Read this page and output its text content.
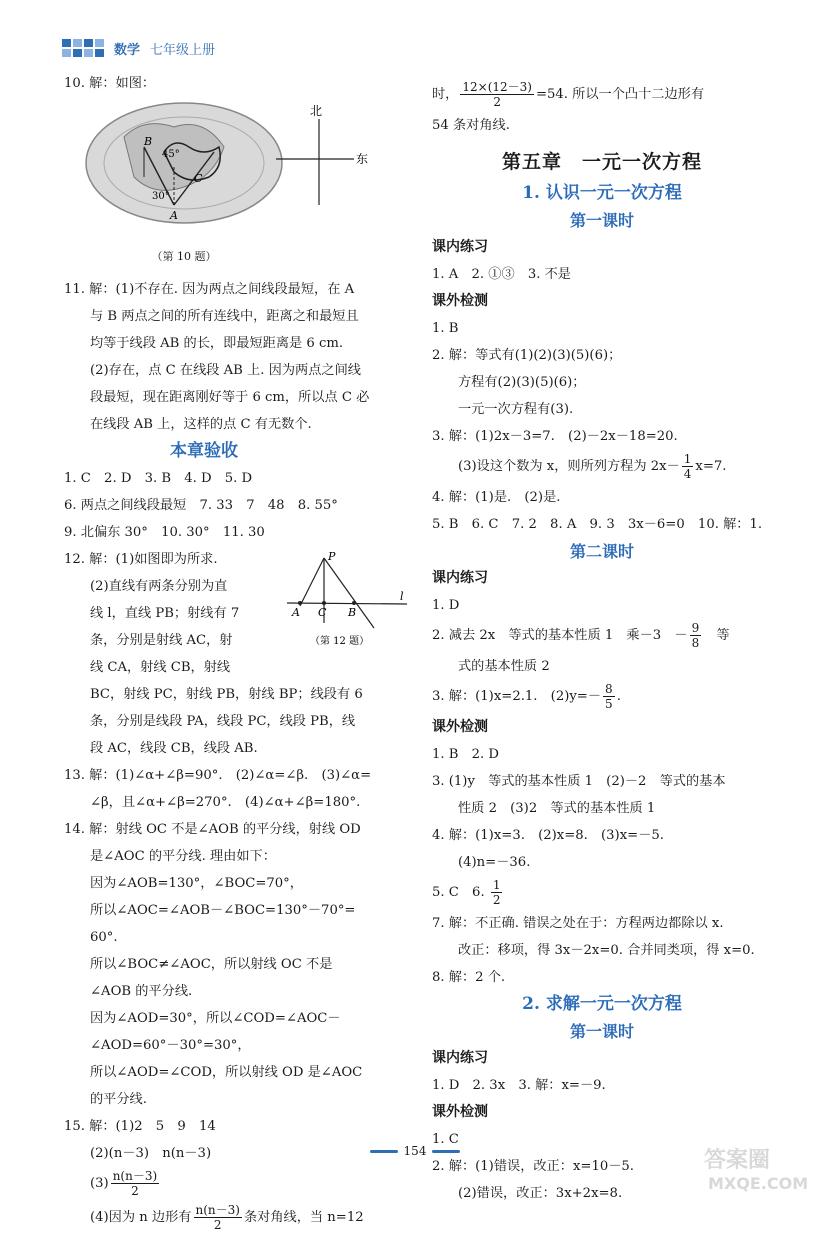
数学 七年级上册
10. 解：如图：
北
东
45°
30°
B
C
A
（第 10 题）
11. 解：(1)不存在. 因为两点之间线段最短，在 A
与 B 两点之间的所有连线中，距离之和最短且
均等于线段 AB 的长，即最短距离是 6 cm.
(2)存在，点 C 在线段 AB 上. 因为两点之间线
段最短，现在距离刚好等于 6 cm，所以点 C 必
在线段 AB 上，这样的点 C 有无数个.
本章验收
1. C　2. D　3. B　4. D　5. D
6. 两点之间线段最短　7. 33　7　48　8. 55°
9. 北偏东 30°　10. 30°　11. 30
12. 解：(1)如图即为所求.
(2)直线有两条分别为直
线 l，直线 PB；射线有 7
条，分别是射线 AC，射
线 CA，射线 CB，射线
BC，射线 PC，射线 PB，射线 BP；线段有 6
条，分别是线段 PA，线段 PC，线段 PB，线
段 AC，线段 CB，线段 AB.
P
A C B
l
（第 12 题）
13. 解：(1)∠α+∠β=90°.　(2)∠α=∠β.　(3)∠α=
∠β，且∠α+∠β=270°.　(4)∠α+∠β=180°.
14. 解：射线 OC 不是∠AOB 的平分线，射线 OD
是∠AOC 的平分线. 理由如下：
因为∠AOB=130°，∠BOC=70°，
所以∠AOC=∠AOB－∠BOC=130°－70°=
60°.
所以∠BOC≠∠AOC，所以射线 OC 不是
∠AOB 的平分线.
因为∠AOD=30°，所以∠COD=∠AOC－
∠AOD=60°－30°=30°，
所以∠AOD=∠COD，所以射线 OD 是∠AOC
的平分线.
15. 解：(1)2　5　9　14
(2)(n－3)　n(n－3)
$(3) \frac{n(n-3)}{2}$
(4)因为 n 边形有 $\frac{n(n-3)}{2}$ 条对角线，当 n=12
时， $\frac{12\times(12-3)}{2} =54$. 所以一个凸十二边形有
54 条对角线.
第五章　一元一次方程
1. 认识一元一次方程
第一课时
课内练习
1. A　2. ①③　3. 不是
课外检测
1. B
2. 解：等式有(1)(2)(3)(5)(6)；
方程有(2)(3)(5)(6)；
一元一次方程有(3).
3. 解：(1)2x－3=7.　(2)－2x－18=20.
(3)设这个数为 x，则所列方程为 $2x- \frac{1}{4} x=7$.
4. 解：(1)是.　(2)是.
5. B　6. C　7. 2　8. A　9. 3　3x－6=0　10. 解：1.
第二课时
课内练习
1. D
2. 减去 2x　等式的基本性质 1　乘－3　－ $\frac{9}{8}$ 　等
式的基本性质 2
3. 解：(1)x=2.1.　$(2)y=- \frac{8}{5}$ .
课外检测
1. B　2. D
3. (1)y　等式的基本性质 1　(2)－2　等式的基本
性质 2　(3)2　等式的基本性质 1
4. 解：(1)x=3.　(2)x=8.　(3)x=－5.
(4)n=－36.
5. C　6. $\frac{1}{2}$
7. 解：不正确. 错误之处在于：方程两边都除以 x.
改正：移项，得 3x－2x=0. 合并同类项，得 x=0.
8. 解：2 个.
2. 求解一元一次方程
第一课时
课内练习
1. D　2. 3x　3. 解：x=－9.
课外检测
1. C
2. 解：(1)错误，改正：x=10－5.
(2)错误，改正：3x+2x=8.
154	答案圈
MXQE.COM
